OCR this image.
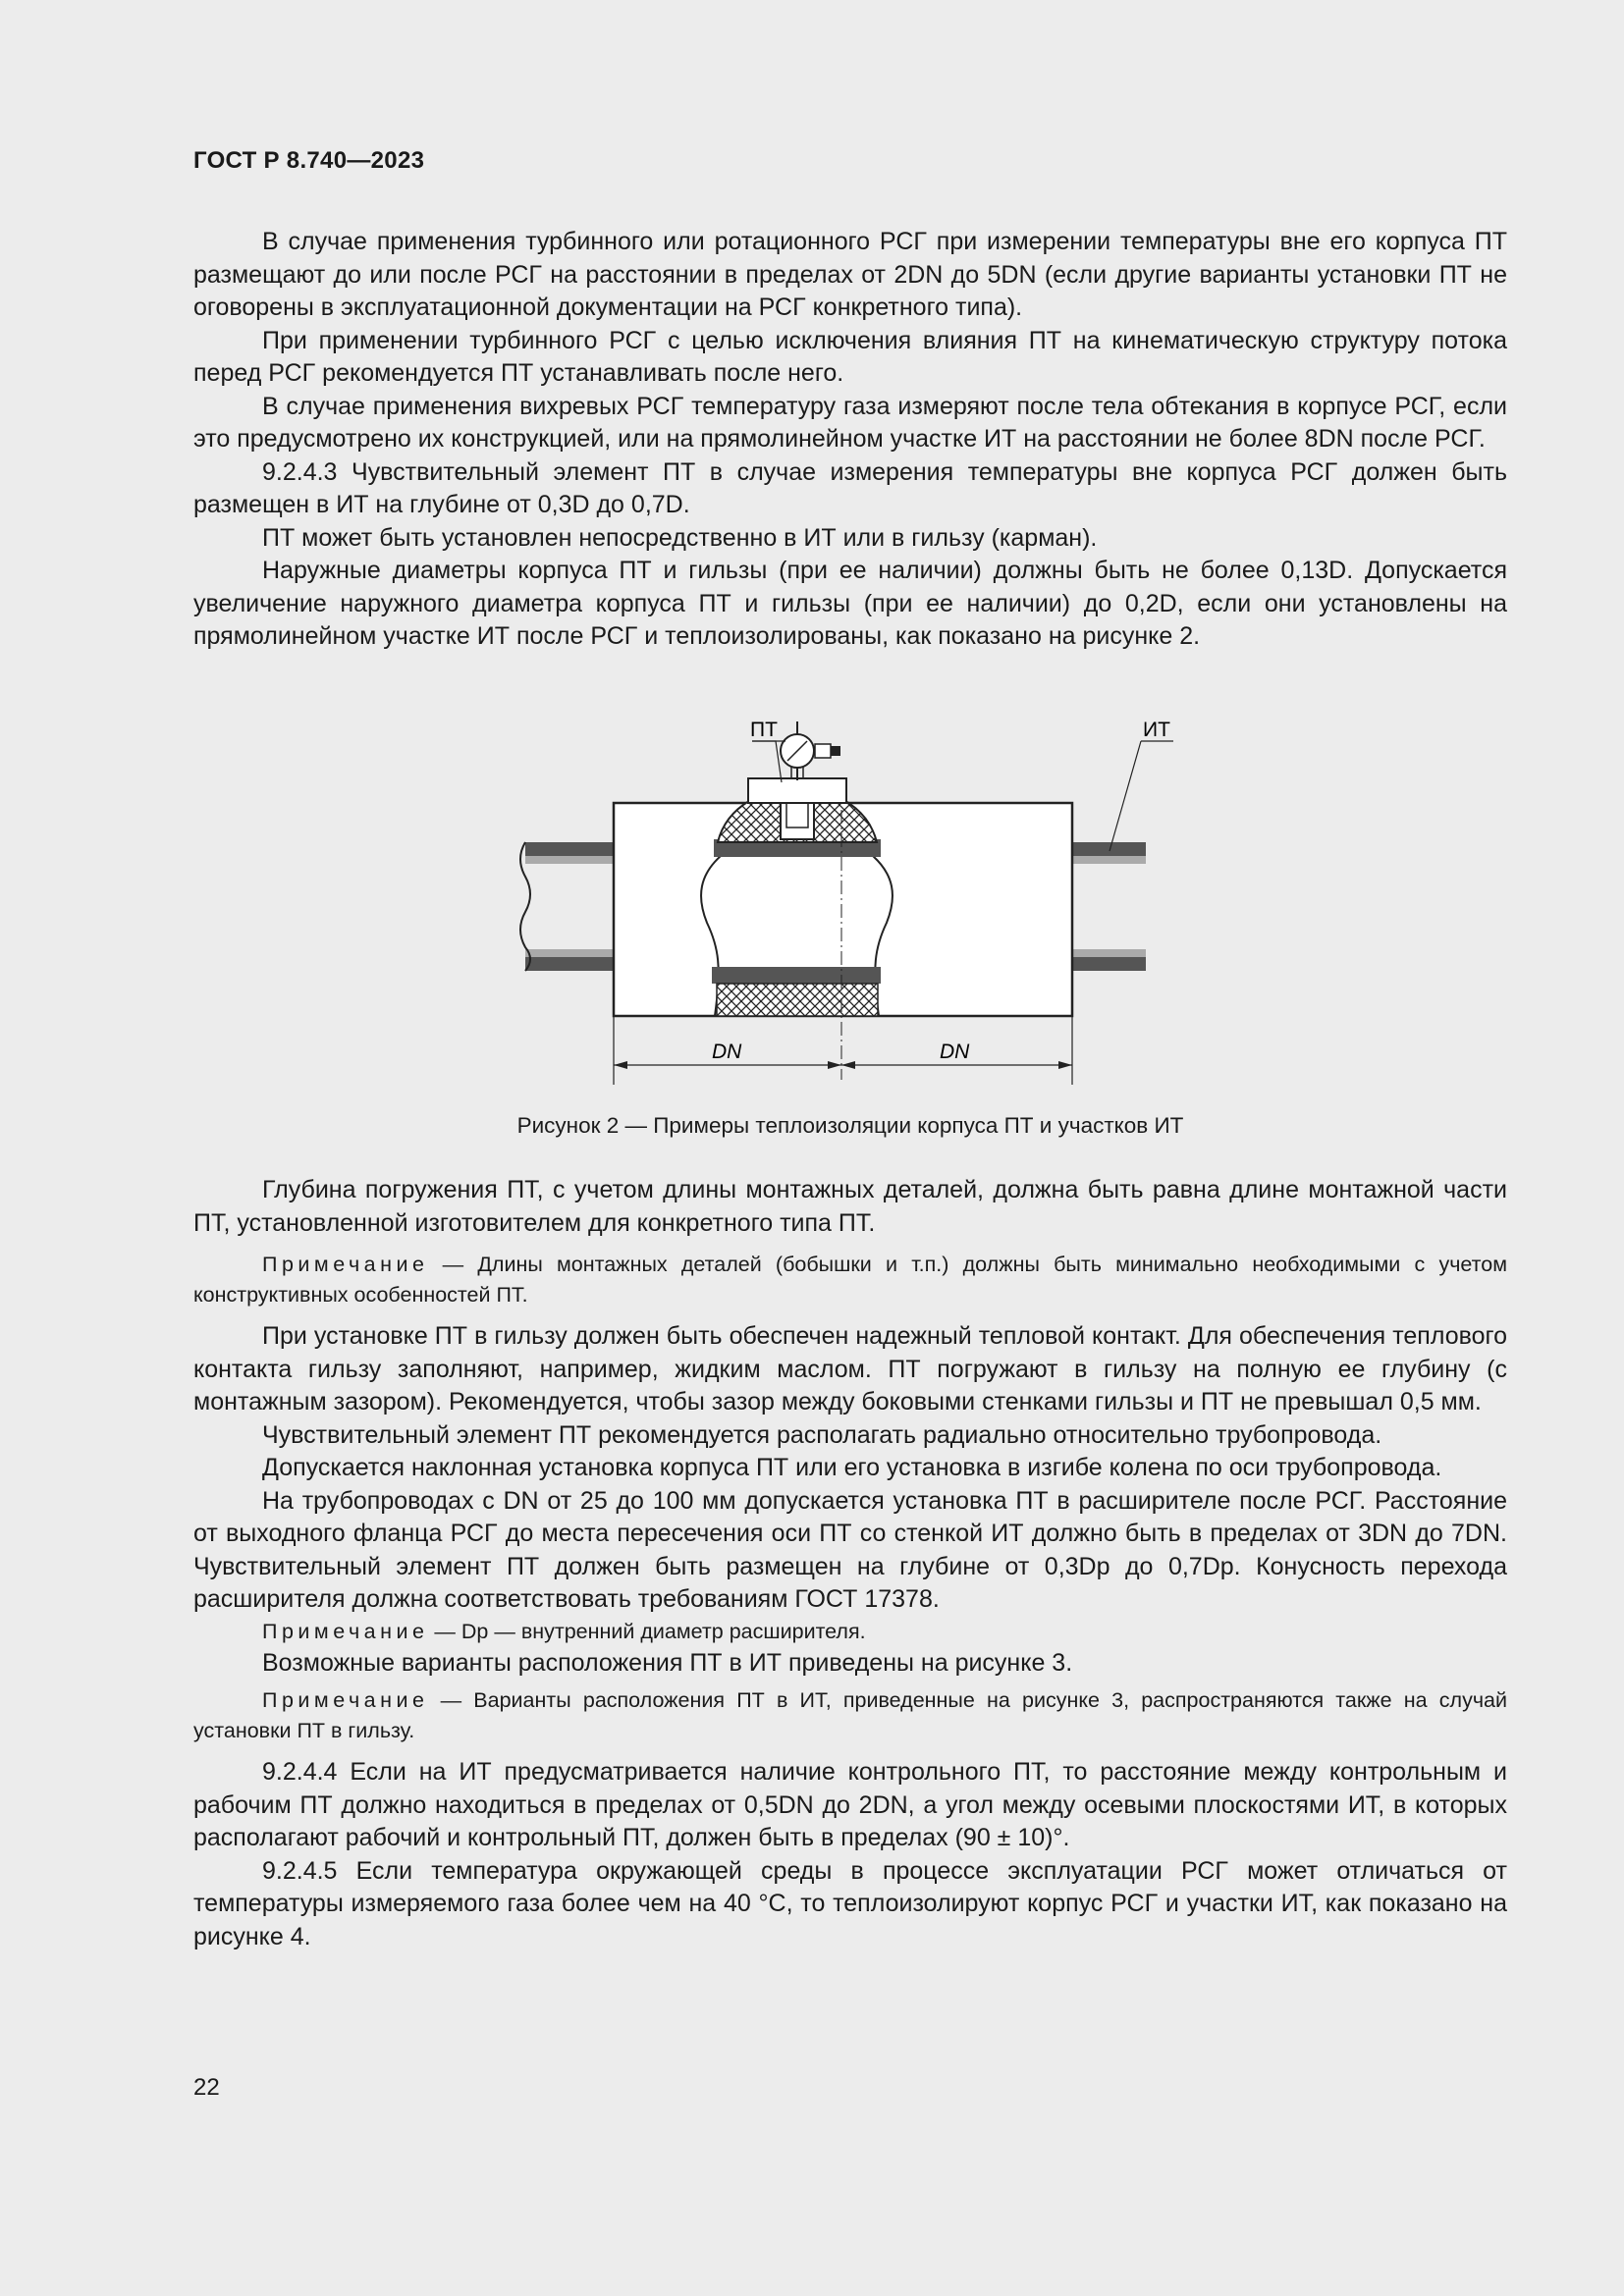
ГОСТ Р 8.740—2023

В случае применения турбинного или ротационного РСГ при измерении температуры вне его корпуса ПТ размещают до или после РСГ на расстоянии в пределах от 2DN до 5DN (если другие варианты установки ПТ не оговорены в эксплуатационной документации на РСГ конкретного типа).

При применении турбинного РСГ с целью исключения влияния ПТ на кинематическую структуру потока перед РСГ рекомендуется ПТ устанавливать после него.

В случае применения вихревых РСГ температуру газа измеряют после тела обтекания в корпусе РСГ, если это предусмотрено их конструкцией, или на прямолинейном участке ИТ на расстоянии не более 8DN после РСГ.

9.2.4.3 Чувствительный элемент ПТ в случае измерения температуры вне корпуса РСГ должен быть размещен в ИТ на глубине от 0,3D до 0,7D.

ПТ может быть установлен непосредственно в ИТ или в гильзу (карман).

Наружные диаметры корпуса ПТ и гильзы (при ее наличии) должны быть не более 0,13D. Допускается увеличение наружного диаметра корпуса ПТ и гильзы (при ее наличии) до 0,2D, если они установлены на прямолинейном участке ИТ после РСГ и теплоизолированы, как показано на рисунке 2.

ПТ	ИТ
DN	DN
Рисунок 2 — Примеры теплоизоляции корпуса ПТ и участков ИТ

Глубина погружения ПТ, с учетом длины монтажных деталей, должна быть равна длине монтажной части ПТ, установленной изготовителем для конкретного типа ПТ.

Примечание — Длины монтажных деталей (бобышки и т.п.) должны быть минимально необходимыми с учетом конструктивных особенностей ПТ.

При установке ПТ в гильзу должен быть обеспечен надежный тепловой контакт. Для обеспечения теплового контакта гильзу заполняют, например, жидким маслом. ПТ погружают в гильзу на полную ее глубину (с монтажным зазором). Рекомендуется, чтобы зазор между боковыми стенками гильзы и ПТ не превышал 0,5 мм.

Чувствительный элемент ПТ рекомендуется располагать радиально относительно трубопровода.

Допускается наклонная установка корпуса ПТ или его установка в изгибе колена по оси трубопровода.

На трубопроводах с DN от 25 до 100 мм допускается установка ПТ в расширителе после РСГ. Расстояние от выходного фланца РСГ до места пересечения оси ПТ со стенкой ИТ должно быть в пределах от 3DN до 7DN. Чувствительный элемент ПТ должен быть размещен на глубине от 0,3Dр до 0,7Dр. Конусность перехода расширителя должна соответствовать требованиям ГОСТ 17378.

Примечание — Dр — внутренний диаметр расширителя.

Возможные варианты расположения ПТ в ИТ приведены на рисунке 3.

Примечание — Варианты расположения ПТ в ИТ, приведенные на рисунке 3, распространяются также на случай установки ПТ в гильзу.

9.2.4.4 Если на ИТ предусматривается наличие контрольного ПТ, то расстояние между контрольным и рабочим ПТ должно находиться в пределах от 0,5DN до 2DN, а угол между осевыми плоскостями ИТ, в которых располагают рабочий и контрольный ПТ, должен быть в пределах (90 ± 10)°.

9.2.4.5 Если температура окружающей среды в процессе эксплуатации РСГ может отличаться от температуры измеряемого газа более чем на 40 °С, то теплоизолируют корпус РСГ и участки ИТ, как показано на рисунке 4.

22
